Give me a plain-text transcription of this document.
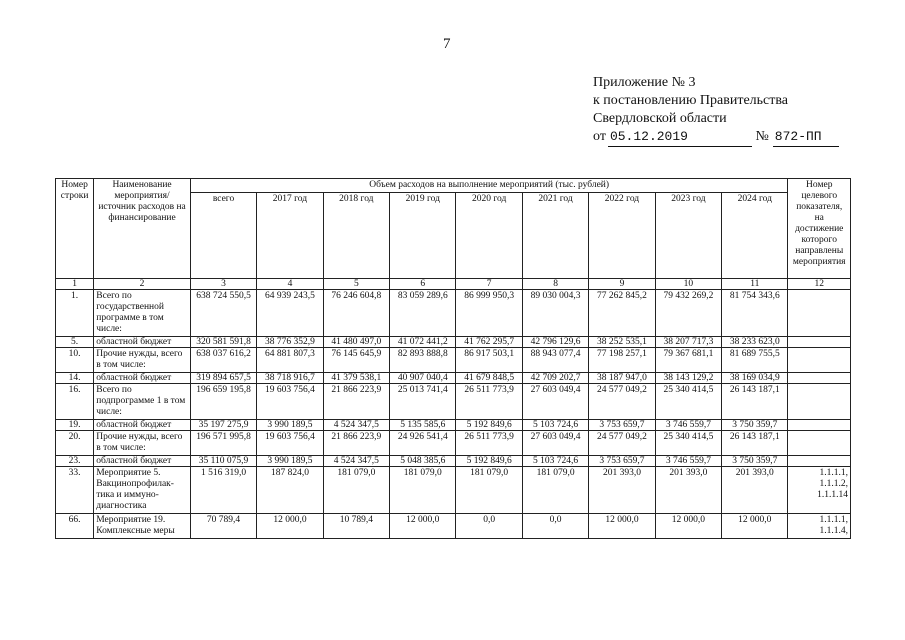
7
Приложение № 3
к постановлению Правительства
Свердловской области
от 05.12.2019	№ 872-ПП
Номер строки	Наименование мероприятия/ источник расходов на финансирование	Объем расходов на выполнение мероприятий (тыс. рублей)									Номер целевого показателя, на достижение которого направлены мероприятия
		всего	2017 год	2018 год	2019 год	2020 год	2021 год	2022 год	2023 год	2024 год	
1	2	3	4	5	6	7	8	9	10	11	12
1.	Всего по государственной программе в том числе:	638 724 550,5	64 939 243,5	76 246 604,8	83 059 289,6	86 999 950,3	89 030 004,3	77 262 845,2	79 432 269,2	81 754 343,6	
5.	областной бюджет	320 581 591,8	38 776 352,9	41 480 497,0	41 072 441,2	41 762 295,7	42 796 129,6	38 252 535,1	38 207 717,3	38 233 623,0	
10.	Прочие нужды, всего в том числе:	638 037 616,2	64 881 807,3	76 145 645,9	82 893 888,8	86 917 503,1	88 943 077,4	77 198 257,1	79 367 681,1	81 689 755,5	
14.	областной бюджет	319 894 657,5	38 718 916,7	41 379 538,1	40 907 040,4	41 679 848,5	42 709 202,7	38 187 947,0	38 143 129,2	38 169 034,9	
16.	Всего по подпрограмме 1 в том числе:	196 659 195,8	19 603 756,4	21 866 223,9	25 013 741,4	26 511 773,9	27 603 049,4	24 577 049,2	25 340 414,5	26 143 187,1	
19.	областной бюджет	35 197 275,9	3 990 189,5	4 524 347,5	5 135 585,6	5 192 849,6	5 103 724,6	3 753 659,7	3 746 559,7	3 750 359,7	
20.	Прочие нужды, всего в том числе:	196 571 995,8	19 603 756,4	21 866 223,9	24 926 541,4	26 511 773,9	27 603 049,4	24 577 049,2	25 340 414,5	26 143 187,1	
23.	областной бюджет	35 110 075,9	3 990 189,5	4 524 347,5	5 048 385,6	5 192 849,6	5 103 724,6	3 753 659,7	3 746 559,7	3 750 359,7	
33.	Мероприятие 5. Вакцинопрофилак-тика и иммуно-диагностика	1 516 319,0	187 824,0	181 079,0	181 079,0	181 079,0	181 079,0	201 393,0	201 393,0	201 393,0	1.1.1.1, 1.1.1.2, 1.1.1.14
66.	Мероприятие 19. Комплексные меры	70 789,4	12 000,0	10 789,4	12 000,0	0,0	0,0	12 000,0	12 000,0	12 000,0	1.1.1.1, 1.1.1.4,
